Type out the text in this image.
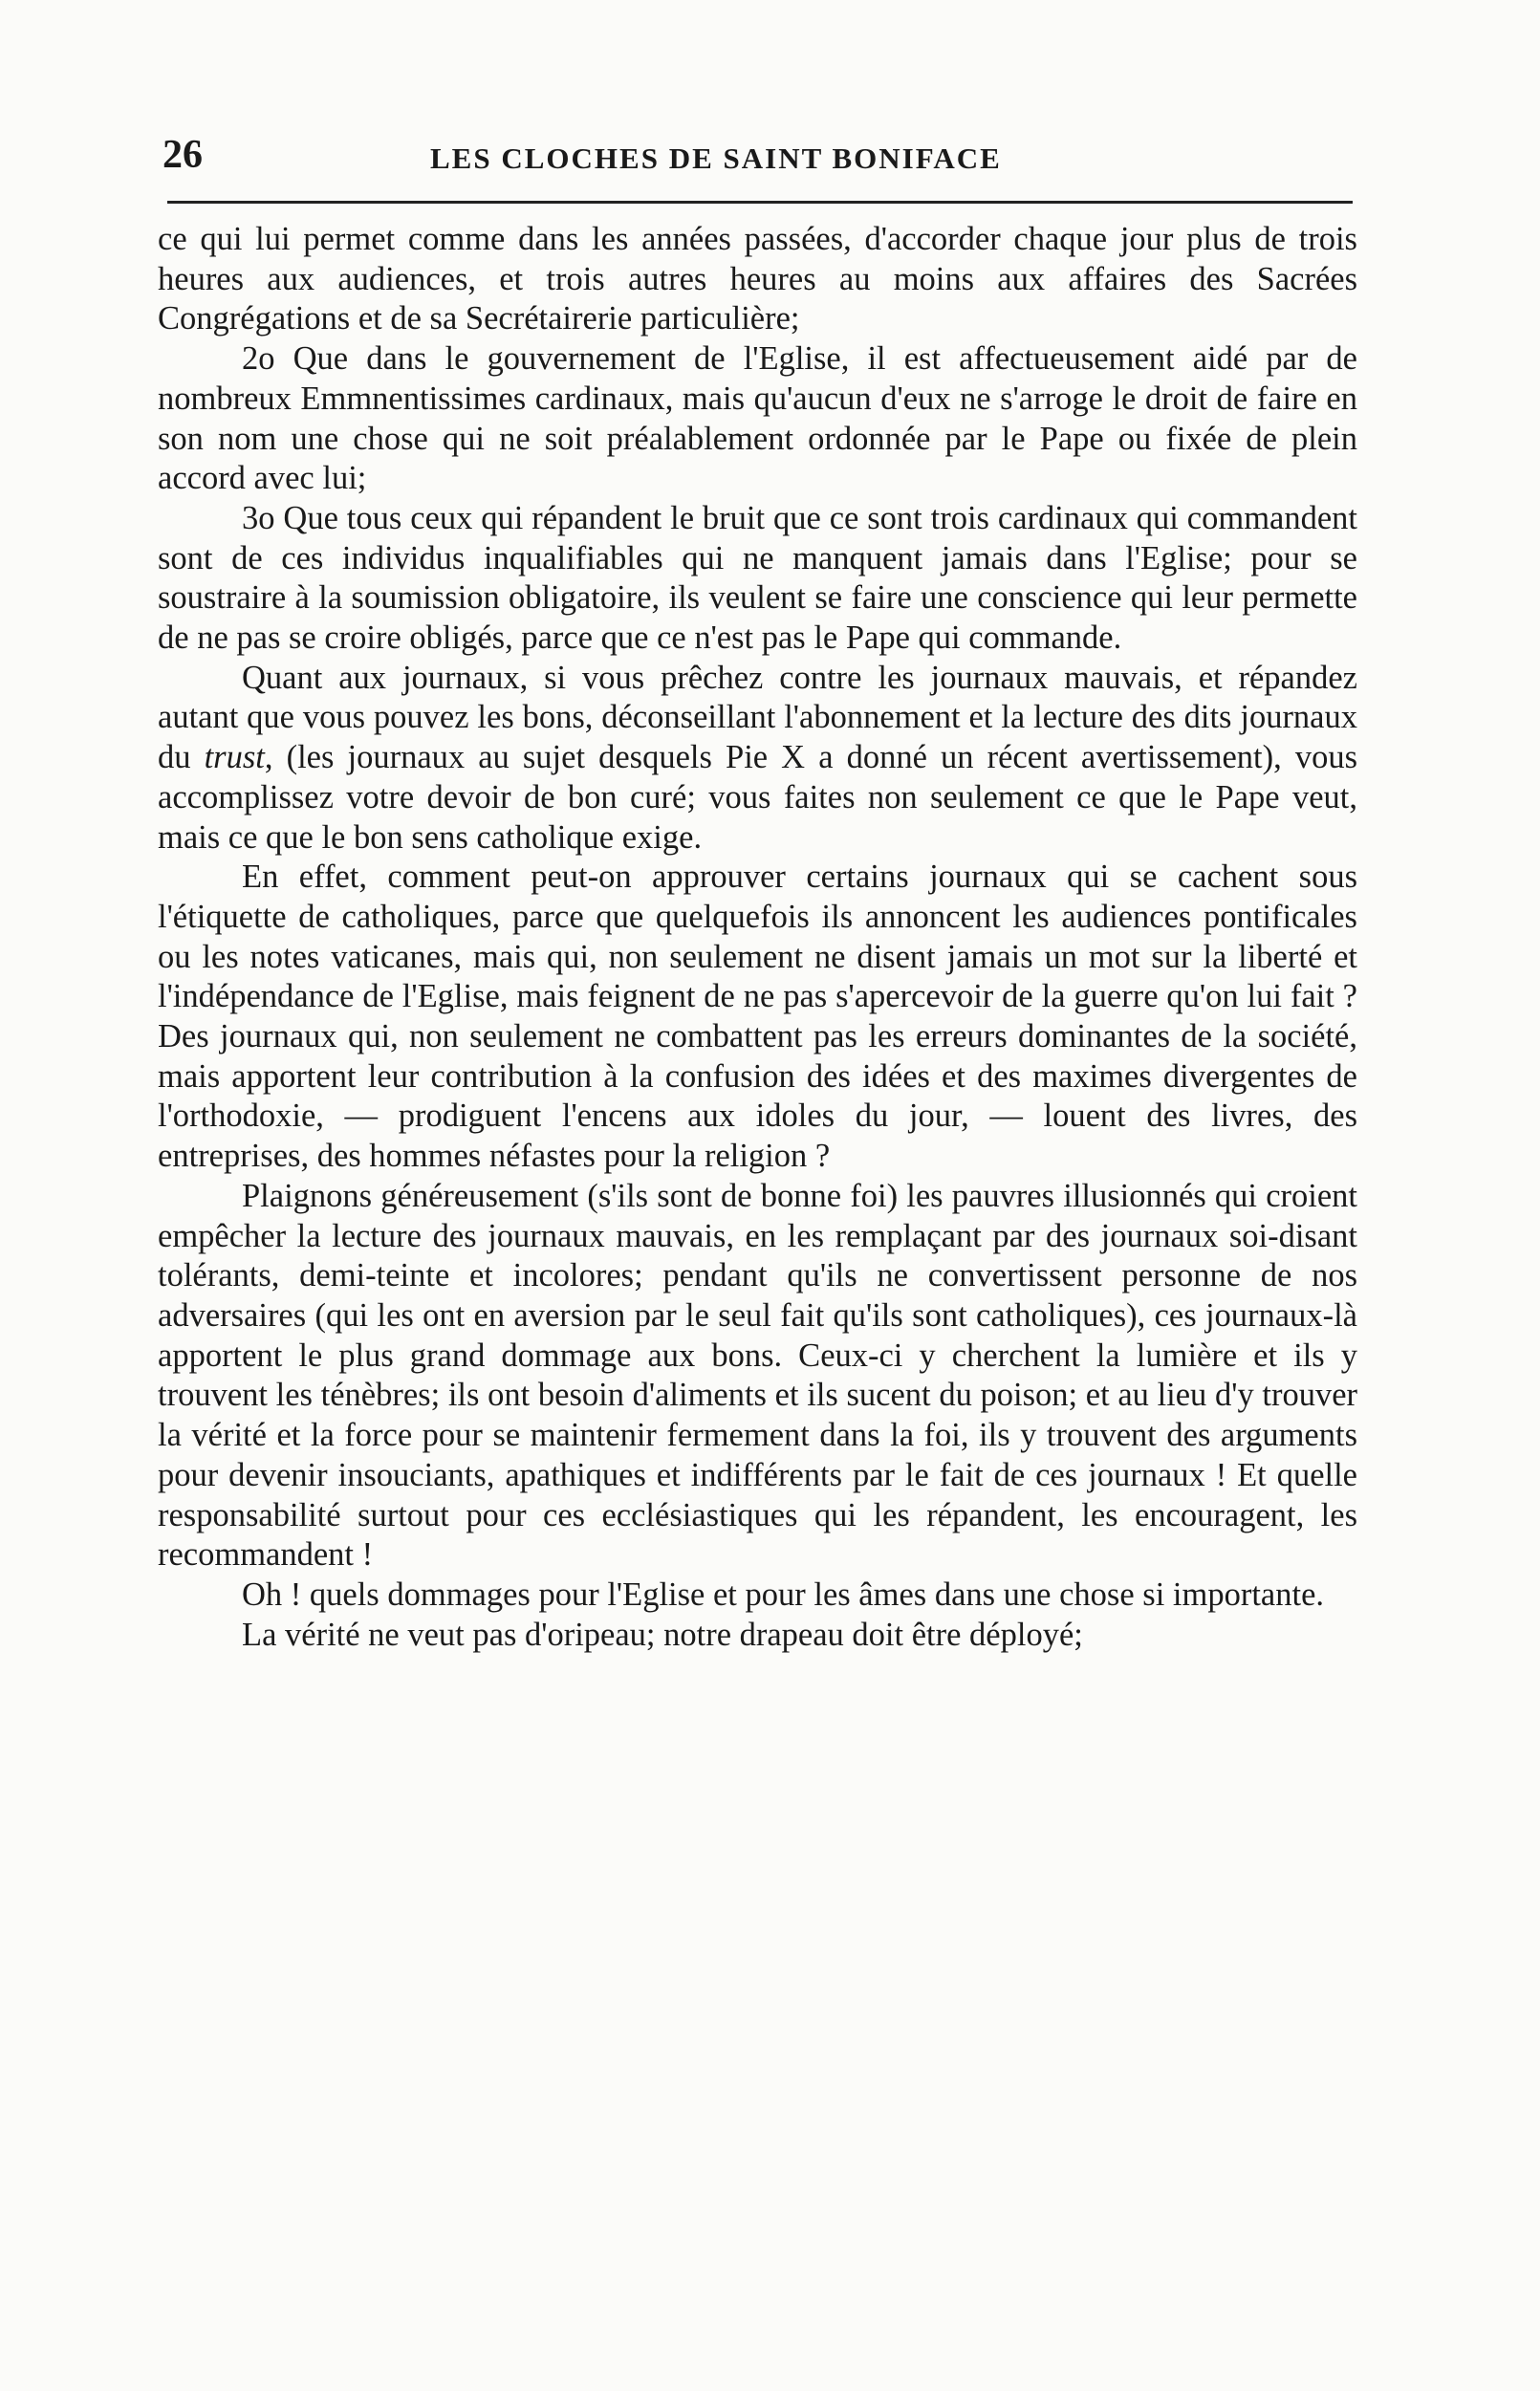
26	LES CLOCHES DE SAINT BONIFACE

ce qui lui permet comme dans les années passées, d'accorder chaque jour plus de trois heures aux audiences, et trois autres heures au moins aux affaires des Sacrées Congrégations et de sa Secrétairerie particulière;

2o Que dans le gouvernement de l'Eglise, il est affectueusement aidé par de nombreux Emmnentissimes cardinaux, mais qu'aucun d'eux ne s'arroge le droit de faire en son nom une chose qui ne soit préalablement ordonnée par le Pape ou fixée de plein accord avec lui;

3o Que tous ceux qui répandent le bruit que ce sont trois cardinaux qui commandent sont de ces individus inqualifiables qui ne manquent jamais dans l'Eglise; pour se soustraire à la soumission obligatoire, ils veulent se faire une conscience qui leur permette de ne pas se croire obligés, parce que ce n'est pas le Pape qui commande.

Quant aux journaux, si vous prêchez contre les journaux mauvais, et répandez autant que vous pouvez les bons, déconseillant l'abonnement et la lecture des dits journaux du trust, (les journaux au sujet desquels Pie X a donné un récent avertissement), vous accomplissez votre devoir de bon curé; vous faites non seulement ce que le Pape veut, mais ce que le bon sens catholique exige.

En effet, comment peut-on approuver certains journaux qui se cachent sous l'étiquette de catholiques, parce que quelquefois ils annoncent les audiences pontificales ou les notes vaticanes, mais qui, non seulement ne disent jamais un mot sur la liberté et l'indépendance de l'Eglise, mais feignent de ne pas s'apercevoir de la guerre qu'on lui fait ? Des journaux qui, non seulement ne combattent pas les erreurs dominantes de la société, mais apportent leur contribution à la confusion des idées et des maximes divergentes de l'orthodoxie, — prodiguent l'encens aux idoles du jour, — louent des livres, des entreprises, des hommes néfastes pour la religion ?

Plaignons généreusement (s'ils sont de bonne foi) les pauvres illusionnés qui croient empêcher la lecture des journaux mauvais, en les remplaçant par des journaux soi-disant tolérants, demi-teinte et incolores; pendant qu'ils ne convertissent personne de nos adversaires (qui les ont en aversion par le seul fait qu'ils sont catholiques), ces journaux-là apportent le plus grand dommage aux bons. Ceux-ci y cherchent la lumière et ils y trouvent les ténèbres; ils ont besoin d'aliments et ils sucent du poison; et au lieu d'y trouver la vérité et la force pour se maintenir fermement dans la foi, ils y trouvent des arguments pour devenir insouciants, apathiques et indifférents par le fait de ces journaux ! Et quelle responsabilité surtout pour ces ecclésiastiques qui les répandent, les encouragent, les recommandent !

Oh ! quels dommages pour l'Eglise et pour les âmes dans une chose si importante.

La vérité ne veut pas d'oripeau; notre drapeau doit être déployé;
